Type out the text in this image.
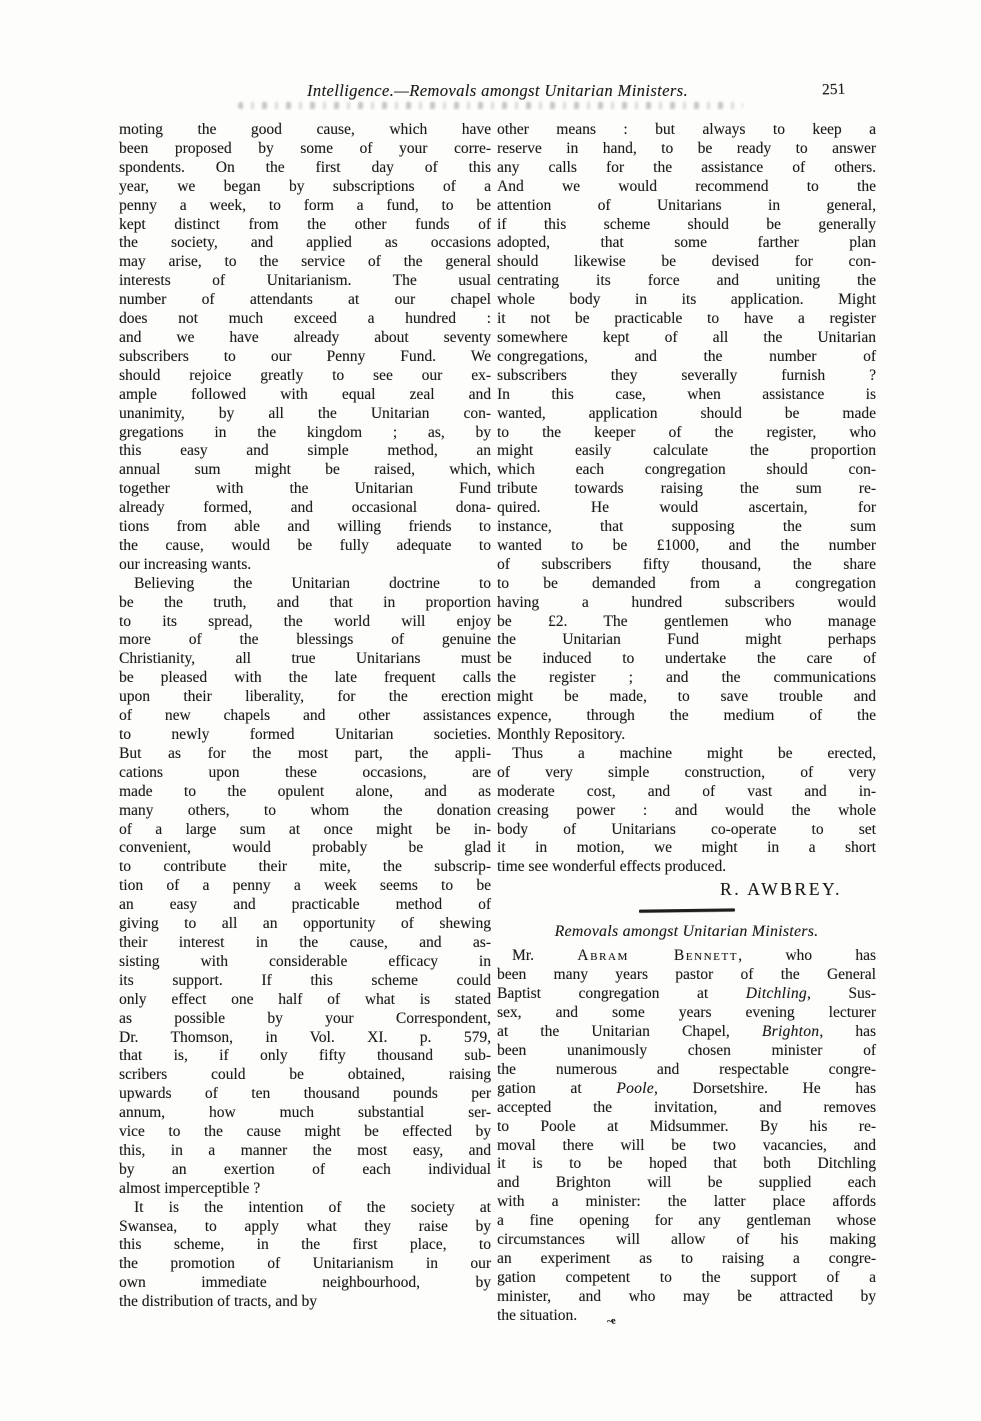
Intelligence.—Removals amongst Unitarian Ministers.	251
moting the good cause, which have
been proposed by some of your corre-
spondents. On the first day of this
year, we began by subscriptions of a
penny a week, to form a fund, to be
kept distinct from the other funds of
the society, and applied as occasions
may arise, to the service of the general
interests of Unitarianism. The usual
number of attendants at our chapel
does not much exceed a hundred :
and we have already about seventy
subscribers to our Penny Fund. We
should rejoice greatly to see our ex-
ample followed with equal zeal and
unanimity, by all the Unitarian con-
gregations in the kingdom ; as, by
this easy and simple method, an
annual sum might be raised, which,
together with the Unitarian Fund
already formed, and occasional dona-
tions from able and willing friends to
the cause, would be fully adequate to
our increasing wants.
Believing the Unitarian doctrine to
be the truth, and that in proportion
to its spread, the world will enjoy
more of the blessings of genuine
Christianity, all true Unitarians must
be pleased with the late frequent calls
upon their liberality, for the erection
of new chapels and other assistances
to newly formed Unitarian societies.
But as for the most part, the appli-
cations upon these occasions, are
made to the opulent alone, and as
many others, to whom the donation
of a large sum at once might be in-
convenient, would probably be glad
to contribute their mite, the subscrip-
tion of a penny a week seems to be
an easy and practicable method of
giving to all an opportunity of shewing
their interest in the cause, and as-
sisting with considerable efficacy in
its support. If this scheme could
only effect one half of what is stated
as possible by your Correspondent,
Dr. Thomson, in Vol. XI. p. 579,
that is, if only fifty thousand sub-
scribers could be obtained, raising
upwards of ten thousand pounds per
annum, how much substantial ser-
vice to the cause might be effected by
this, in a manner the most easy, and
by an exertion of each individual
almost imperceptible ?
It is the intention of the society at
Swansea, to apply what they raise by
this scheme, in the first place, to
the promotion of Unitarianism in our
own immediate neighbourhood, by
the distribution of tracts, and by
other means : but always to keep a
reserve in hand, to be ready to answer
any calls for the assistance of others.
And we would recommend to the
attention of Unitarians in general,
if this scheme should be generally
adopted, that some farther plan
should likewise be devised for con-
centrating its force and uniting the
whole body in its application. Might
it not be practicable to have a register
somewhere kept of all the Unitarian
congregations, and the number of
subscribers they severally furnish ?
In this case, when assistance is
wanted, application should be made
to the keeper of the register, who
might easily calculate the proportion
which each congregation should con-
tribute towards raising the sum re-
quired. He would ascertain, for
instance, that supposing the sum
wanted to be £1000, and the number
of subscribers fifty thousand, the share
to be demanded from a congregation
having a hundred subscribers would
be £2. The gentlemen who manage
the Unitarian Fund might perhaps
be induced to undertake the care of
the register ; and the communications
might be made, to save trouble and
expence, through the medium of the
Monthly Repository.
Thus a machine might be erected,
of very simple construction, of very
moderate cost, and of vast and in-
creasing power : and would the whole
body of Unitarians co-operate to set
it in motion, we might in a short
time see wonderful effects produced.
R. AWBREY.
Removals amongst Unitarian Ministers.
Mr. Abram Bennett, who has
been many years pastor of the General
Baptist congregation at Ditchling, Sus-
sex, and some years evening lecturer
at the Unitarian Chapel, Brighton, has
been unanimously chosen minister of
the numerous and respectable congre-
gation at Poole, Dorsetshire. He has
accepted the invitation, and removes
to Poole at Midsummer. By his re-
moval there will be two vacancies, and
it is to be hoped that both Ditchling
and Brighton will be supplied each
with a minister: the latter place affords
a fine opening for any gentleman whose
circumstances will allow of his making
an experiment as to raising a congre-
gation competent to the support of a
minister, and who may be attracted by
the situation.	~e
